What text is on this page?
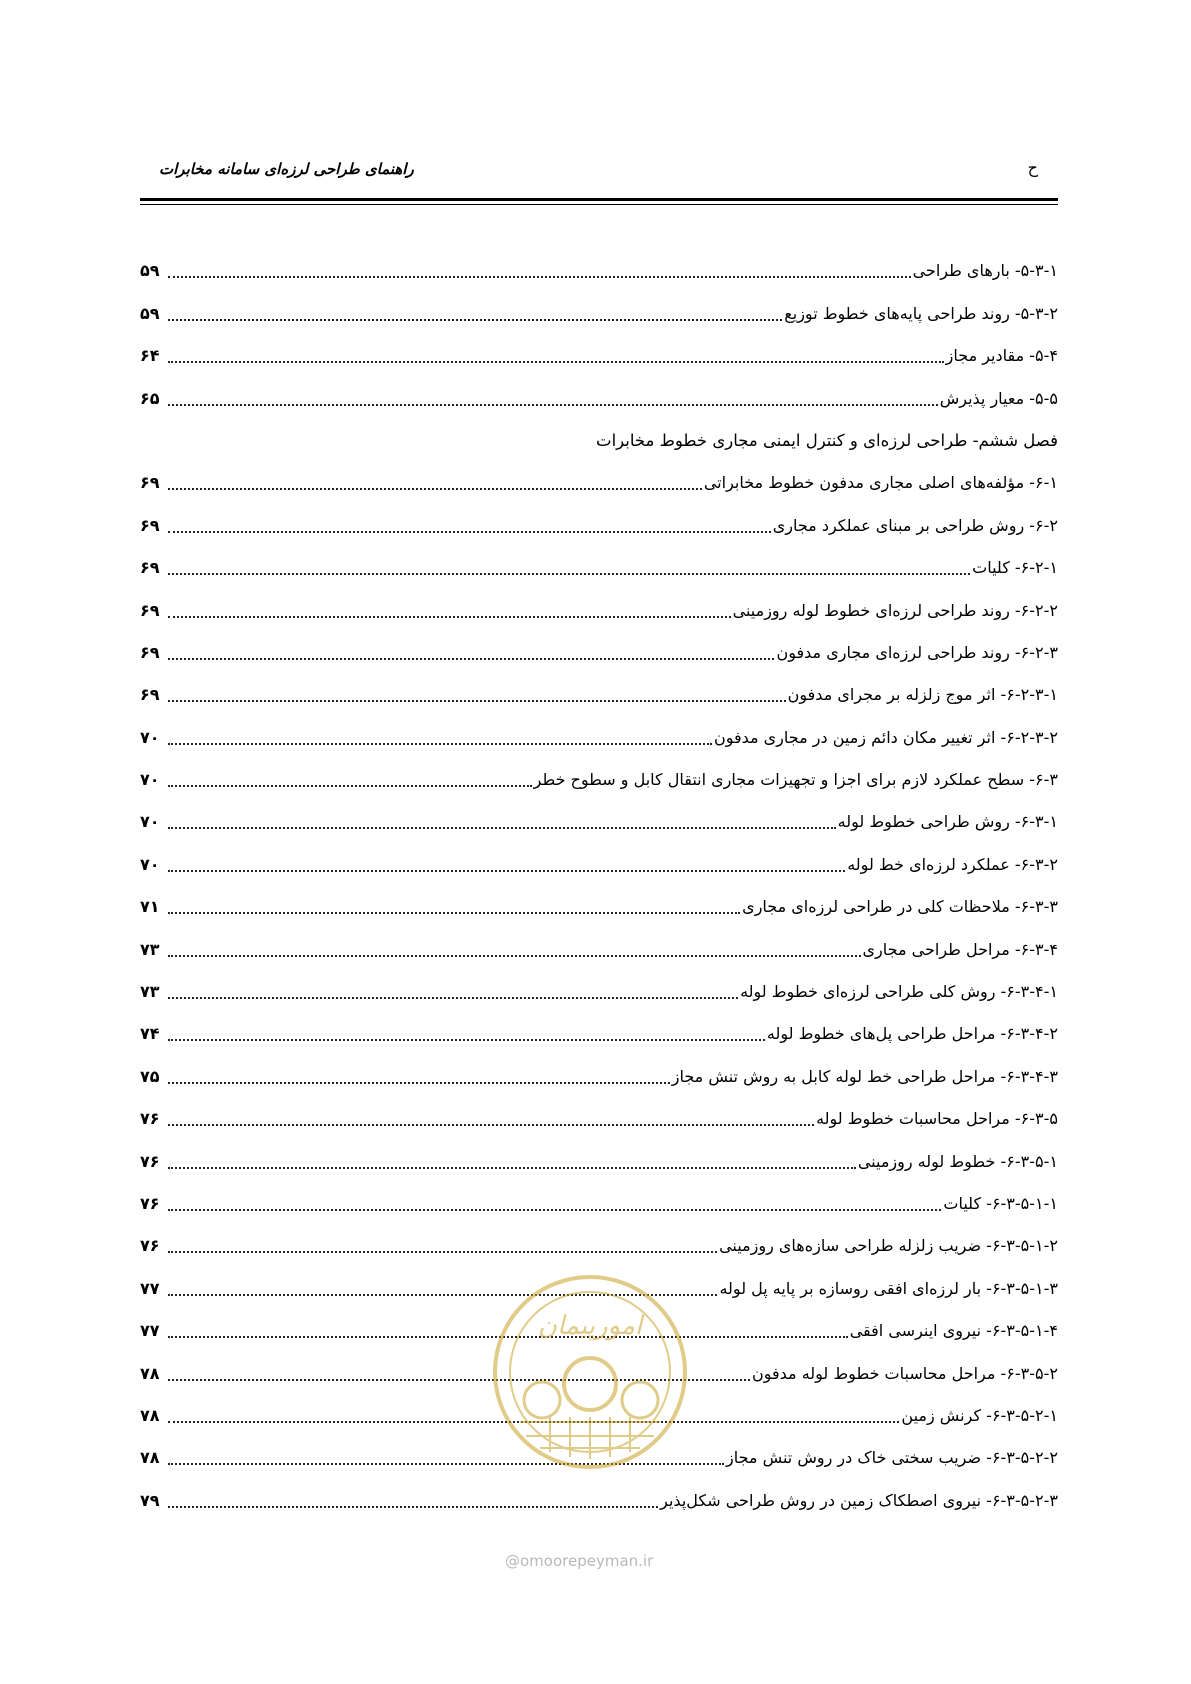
ح
راهنمای طراحی لرزه‌ای سامانه مخابرات
۵-۳-۱- بارهای طراحی
۵۹
۵-۳-۲- روند طراحی پایه‌های خطوط توزیع
۵۹
۵-۴- مقادیر مجاز
۶۴
۵-۵- معیار پذیرش
۶۵
فصل ششم- طراحی لرزه‌ای و کنترل ایمنی مجاری خطوط مخابرات
۶-۱- مؤلفه‌های اصلی مجاری مدفون خطوط مخابراتی
۶۹
۶-۲- روش طراحی بر مبنای عملکرد مجاری
۶۹
۶-۲-۱- کلیات
۶۹
۶-۲-۲- روند طراحی لرزه‌ای خطوط لوله روزمینی
۶۹
۶-۲-۳- روند طراحی لرزه‌ای مجاری مدفون
۶۹
۶-۲-۳-۱- اثر موج زلزله بر مجرای مدفون
۶۹
۶-۲-۳-۲- اثر تغییر مکان دائم زمین در مجاری مدفون
۷۰
۶-۳- سطح عملکرد لازم برای اجزا و تجهیزات مجاری انتقال کابل و سطوح خطر
۷۰
۶-۳-۱- روش طراحی خطوط لوله
۷۰
۶-۳-۲- عملکرد لرزه‌ای خط لوله
۷۰
۶-۳-۳- ملاحظات کلی در طراحی لرزه‌ای مجاری
۷۱
۶-۳-۴- مراحل طراحی مجاری
۷۳
۶-۳-۴-۱- روش کلی طراحی لرزه‌ای خطوط لوله
۷۳
۶-۳-۴-۲- مراحل طراحی پل‌های خطوط لوله
۷۴
۶-۳-۴-۳- مراحل طراحی خط لوله کابل به روش تنش مجاز
۷۵
۶-۳-۵- مراحل محاسبات خطوط لوله
۷۶
۶-۳-۵-۱- خطوط لوله روزمینی
۷۶
۶-۳-۵-۱-۱- کلیات
۷۶
۶-۳-۵-۱-۲- ضریب زلزله طراحی سازه‌های روزمینی
۷۶
۶-۳-۵-۱-۳- بار لرزه‌ای افقی روسازه بر پایه پل لوله
۷۷
۶-۳-۵-۱-۴- نیروی اینرسی افقی
۷۷
۶-۳-۵-۲- مراحل محاسبات خطوط لوله مدفون
۷۸
۶-۳-۵-۲-۱- کرنش زمین
۷۸
۶-۳-۵-۲-۲- ضریب سختی خاک در روش تنش مجاز
۷۸
۶-۳-۵-۲-۳- نیروی اصطکاک زمین در روش طراحی شکل‌پذیر
۷۹
امورپیمان
@omoorepeyman.ir
